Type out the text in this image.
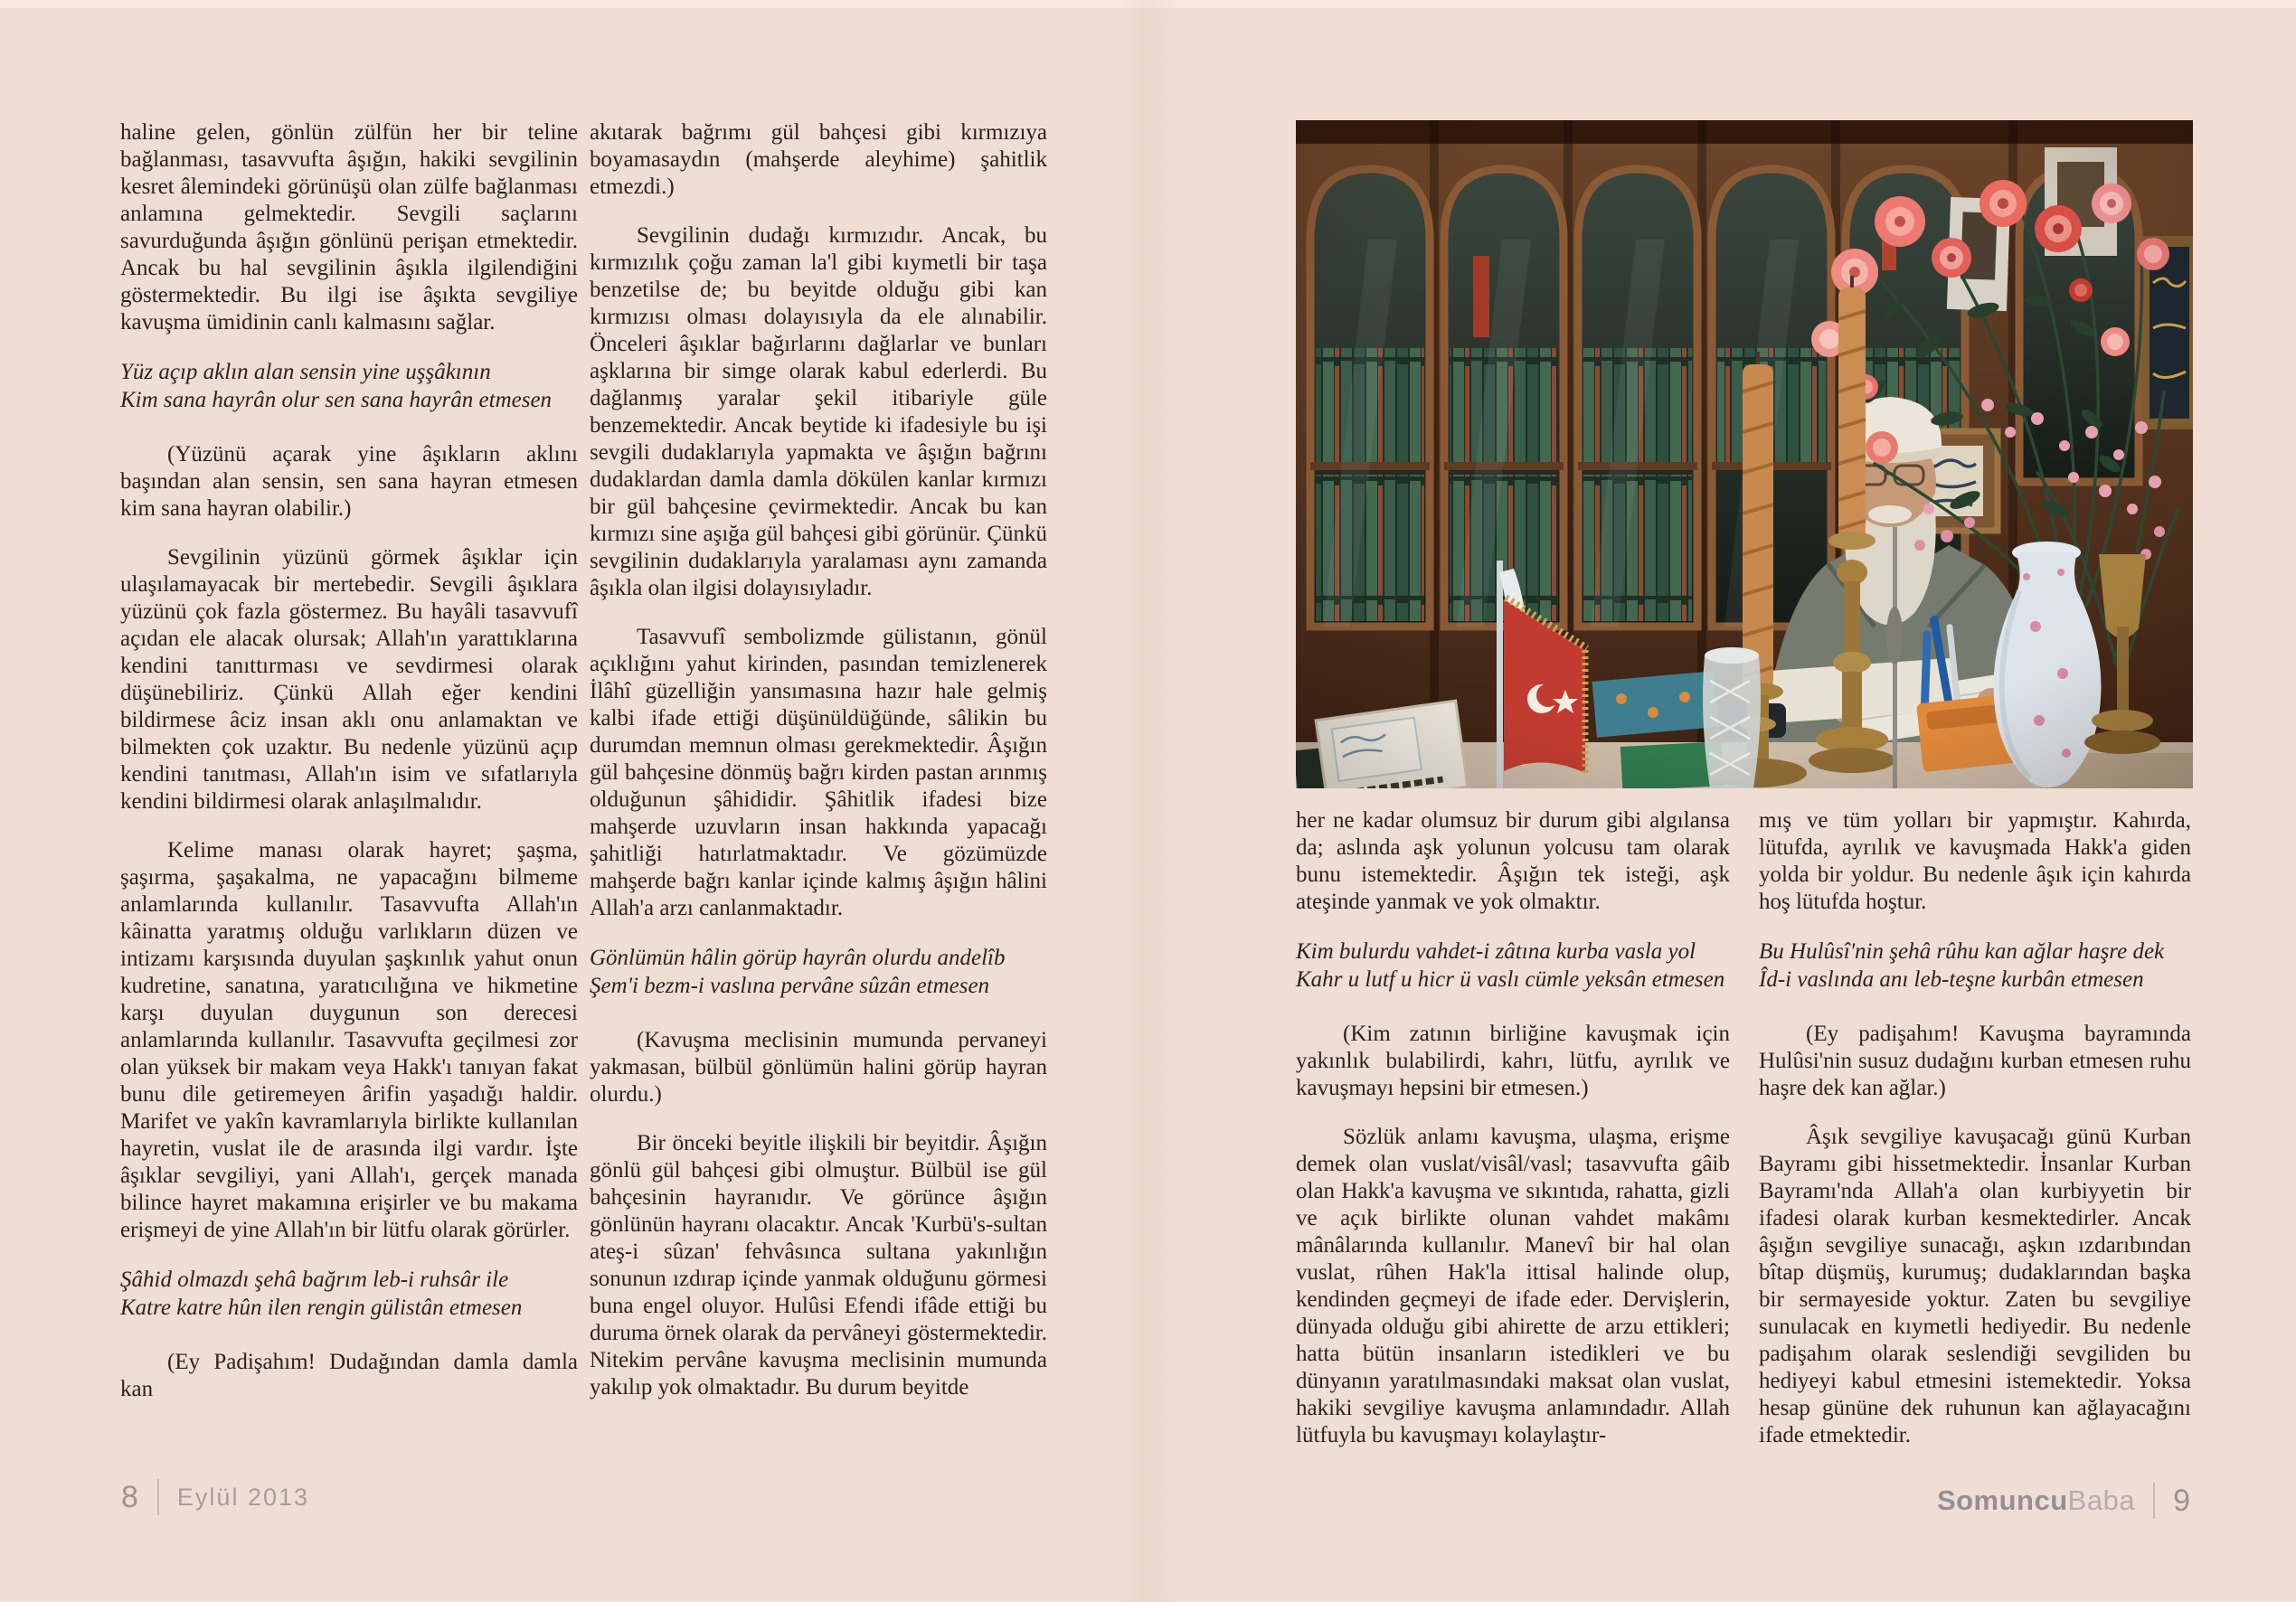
haline gelen, gönlün zülfün her bir teline bağlanması, tasavvufta âşığın, hakiki sevgilinin kesret âlemindeki görünüşü olan zülfe bağlanması anlamına gelmektedir. Sevgili saçlarını savurduğunda âşığın gönlünü perişan etmektedir. Ancak bu hal sevgilinin âşıkla ilgilendiğini göstermektedir. Bu ilgi ise âşıkta sevgiliye kavuşma ümidinin canlı kalmasını sağlar.

Yüz açıp aklın alan sensin yine uşşâkının
Kim sana hayrân olur sen sana hayrân etmesen

(Yüzünü açarak yine âşıkların aklını başından alan sensin, sen sana hayran etmesen kim sana hayran olabilir.)

Sevgilinin yüzünü görmek âşıklar için ulaşılamayacak bir mertebedir. Sevgili âşıklara yüzünü çok fazla göstermez. Bu hayâli tasavvufî açıdan ele alacak olursak; Allah'ın yarattıklarına kendini tanıttırması ve sevdirmesi olarak düşünebiliriz. Çünkü Allah eğer kendini bildirmese âciz insan aklı onu anlamaktan ve bilmekten çok uzaktır. Bu nedenle yüzünü açıp kendini tanıtması, Allah'ın isim ve sıfatlarıyla kendini bildirmesi olarak anlaşılmalıdır.

Kelime manası olarak hayret; şaşma, şaşırma, şaşakalma, ne yapacağını bilmeme anlamlarında kullanılır. Tasavvufta Allah'ın kâinatta yaratmış olduğu varlıkların düzen ve intizamı karşısında duyulan şaşkınlık yahut onun kudretine, sanatına, yaratıcılığına ve hikmetine karşı duyulan duygunun son derecesi anlamlarında kullanılır. Tasavvufta geçilmesi zor olan yüksek bir makam veya Hakk'ı tanıyan fakat bunu dile getiremeyen ârifin yaşadığı haldir. Marifet ve yakîn kavramlarıyla birlikte kullanılan hayretin, vuslat ile de arasında ilgi vardır. İşte âşıklar sevgiliyi, yani Allah'ı, gerçek manada bilince hayret makamına erişirler ve bu makama erişmeyi de yine Allah'ın bir lütfu olarak görürler.

Şâhid olmazdı şehâ bağrım leb-i ruhsâr ile
Katre katre hûn ilen rengin gülistân etmesen

(Ey Padişahım! Dudağından damla damla kan

akıtarak bağrımı gül bahçesi gibi kırmızıya boyamasaydın (mahşerde aleyhime) şahitlik etmezdi.)

Sevgilinin dudağı kırmızıdır. Ancak, bu kırmızılık çoğu zaman la'l gibi kıymetli bir taşa benzetilse de; bu beyitde olduğu gibi kan kırmızısı olması dolayısıyla da ele alınabilir. Önceleri âşıklar bağırlarını dağlarlar ve bunları aşklarına bir simge olarak kabul ederlerdi. Bu dağlanmış yaralar şekil itibariyle güle benzemektedir. Ancak beytide ki ifadesiyle bu işi sevgili dudaklarıyla yapmakta ve âşığın bağrını dudaklardan damla damla dökülen kanlar kırmızı bir gül bahçesine çevirmektedir. Ancak bu kan kırmızı sine aşığa gül bahçesi gibi görünür. Çünkü sevgilinin dudaklarıyla yaralaması aynı zamanda âşıkla olan ilgisi dolayısıyladır.

Tasavvufî sembolizmde gülistanın, gönül açıklığını yahut kirinden, pasından temizlenerek İlâhî güzelliğin yansımasına hazır hale gelmiş kalbi ifade ettiği düşünüldüğünde, sâlikin bu durumdan memnun olması gerekmektedir. Âşığın gül bahçesine dönmüş bağrı kirden pastan arınmış olduğunun şâhididir. Şâhitlik ifadesi bize mahşerde uzuvların insan hakkında yapacağı şahitliği hatırlatmaktadır. Ve gözümüzde mahşerde bağrı kanlar içinde kalmış âşığın hâlini Allah'a arzı canlanmaktadır.

Gönlümün hâlin görüp hayrân olurdu andelîb
Şem'i bezm-i vaslına pervâne sûzân etmesen

(Kavuşma meclisinin mumunda pervaneyi yakmasan, bülbül gönlümün halini görüp hayran olurdu.)

Bir önceki beyitle ilişkili bir beyitdir. Âşığın gönlü gül bahçesi gibi olmuştur. Bülbül ise gül bahçesinin hayranıdır. Ve görünce âşığın gönlünün hayranı olacaktır. Ancak 'Kurbü's-sultan ateş-i sûzan' fehvâsınca sultana yakınlığın sonunun ızdırap içinde yanmak olduğunu görmesi buna engel oluyor. Hulûsi Efendi ifâde ettiği bu duruma örnek olarak da pervâneyi göstermektedir. Nitekim pervâne kavuşma meclisinin mumunda yakılıp yok olmaktadır. Bu durum beyitde

8 Eylül 2013

her ne kadar olumsuz bir durum gibi algılansa da; aslında aşk yolunun yolcusu tam olarak bunu istemektedir. Âşığın tek isteği, aşk ateşinde yanmak ve yok olmaktır.

Kim bulurdu vahdet-i zâtına kurba vasla yol
Kahr u lutf u hicr ü vaslı cümle yeksân etmesen

(Kim zatının birliğine kavuşmak için yakınlık bulabilirdi, kahrı, lütfu, ayrılık ve kavuşmayı hepsini bir etmesen.)

Sözlük anlamı kavuşma, ulaşma, erişme demek olan vuslat/visâl/vasl; tasavvufta gâib olan Hakk'a kavuşma ve sıkıntıda, rahatta, gizli ve açık birlikte olunan vahdet makâmı mânâlarında kullanılır. Manevî bir hal olan vuslat, rûhen Hak'la ittisal halinde olup, kendinden geçmeyi de ifade eder. Dervişlerin, dünyada olduğu gibi ahirette de arzu ettikleri; hatta bütün insanların istedikleri ve bu dünyanın yaratılmasındaki maksat olan vuslat, hakiki sevgiliye kavuşma anlamındadır. Allah lütfuyla bu kavuşmayı kolaylaştır-

mış ve tüm yolları bir yapmıştır. Kahırda, lütufda, ayrılık ve kavuşmada Hakk'a giden yolda bir yoldur. Bu nedenle âşık için kahırda hoş lütufda hoştur.

Bu Hulûsî'nin şehâ rûhu kan ağlar haşre dek
Îd-i vaslında anı leb-teşne kurbân etmesen

(Ey padişahım! Kavuşma bayramında Hulûsi'nin susuz dudağını kurban etmesen ruhu haşre dek kan ağlar.)

Âşık sevgiliye kavuşacağı günü Kurban Bayramı gibi hissetmektedir. İnsanlar Kurban Bayramı'nda Allah'a olan kurbiyyetin bir ifadesi olarak kurban kesmektedirler. Ancak âşığın sevgiliye sunacağı, aşkın ızdarıbından bîtap düşmüş, kurumuş; dudaklarından başka bir sermayeside yoktur. Zaten bu sevgiliye sunulacak en kıymetli hediyedir. Bu nedenle padişahım olarak seslendiği sevgiliden bu hediyeyi kabul etmesini istemektedir. Yoksa hesap gününe dek ruhunun kan ağlayacağını ifade etmektedir.

Somuncu Baba 9
